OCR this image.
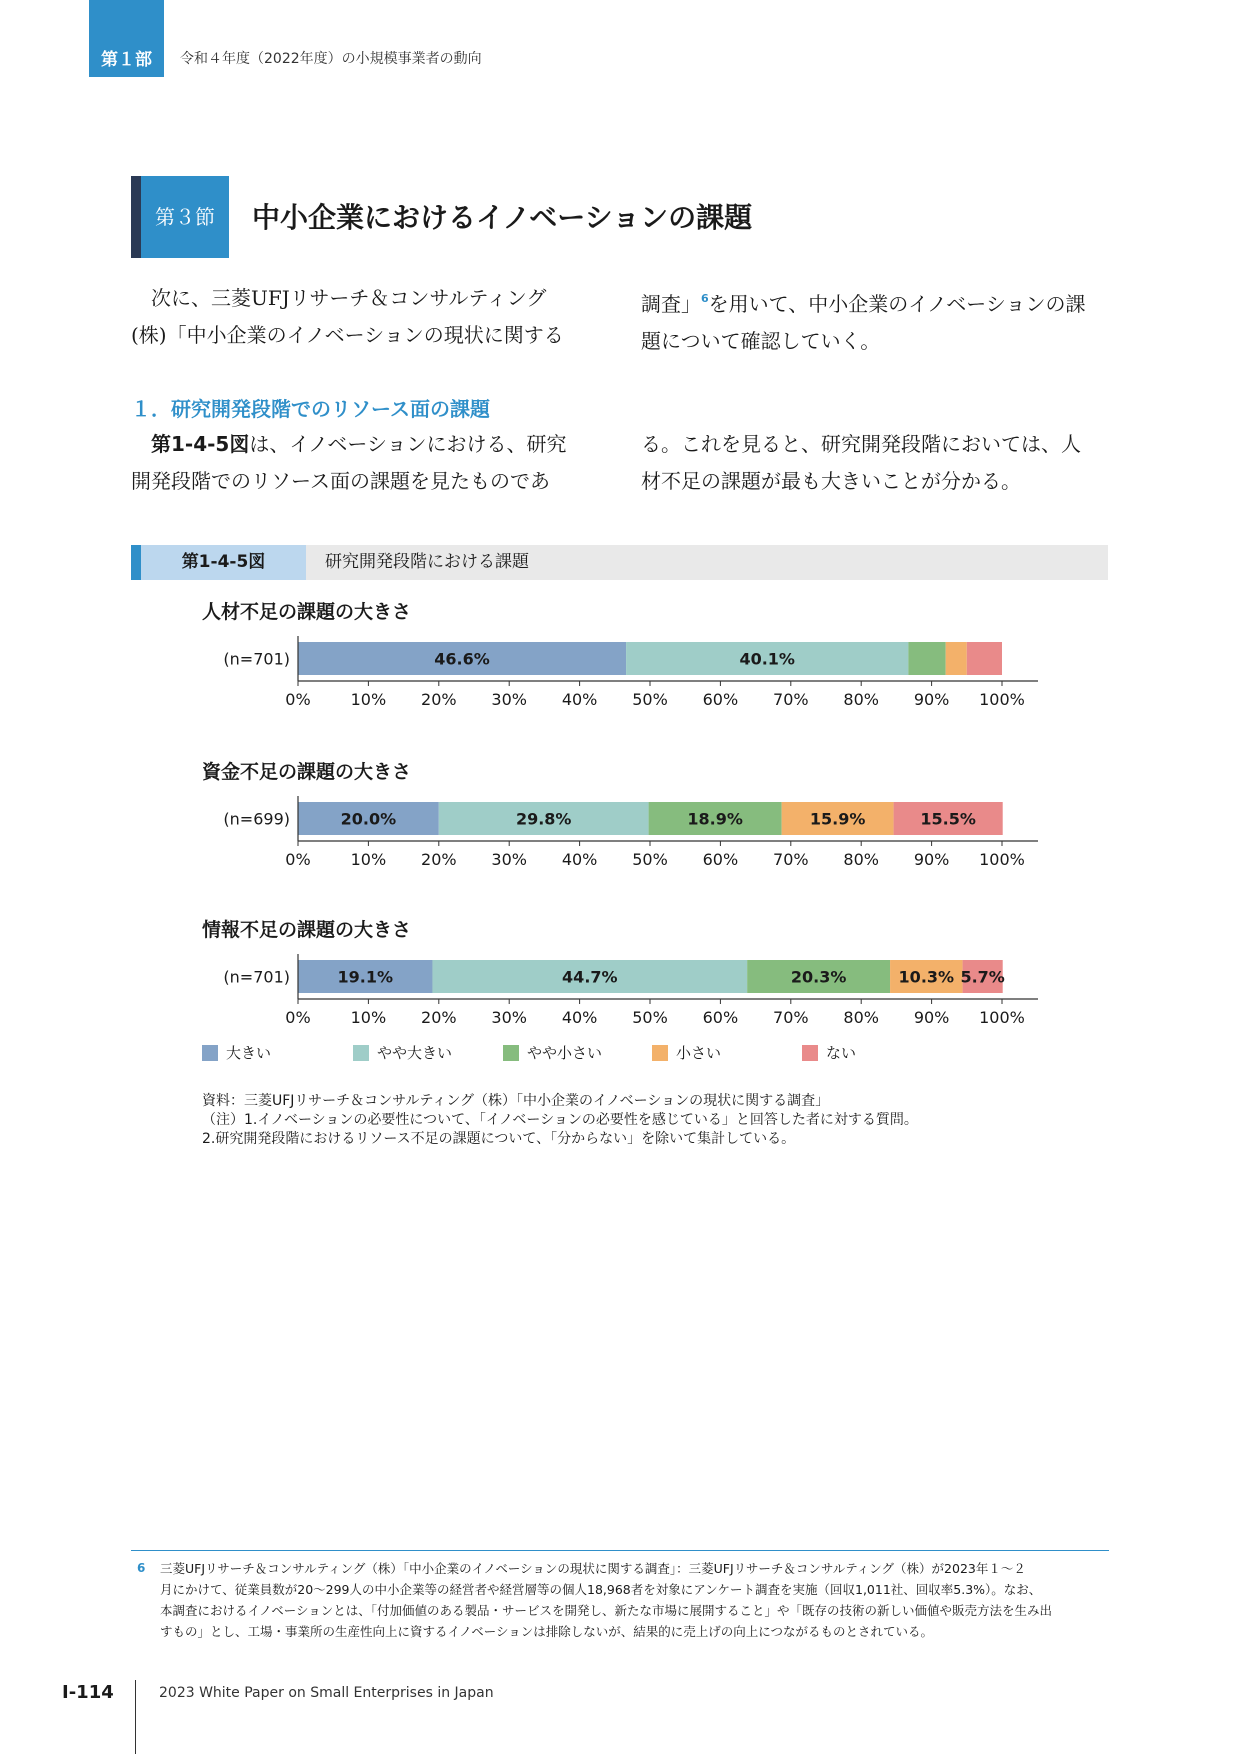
第１部	令和４年度（2022年度）の小規模事業者の動向
第３節	中小企業におけるイノベーションの課題
次に、三菱UFJリサーチ＆コンサルティング
(株)「中小企業のイノベーションの現状に関する
調査」$^6$を用いて、中小企業のイノベーションの課
題について確認していく。
１．研究開発段階でのリソース面の課題
第1-4-5図は、イノベーションにおける、研究
開発段階でのリソース面の課題を見たものであ
る。これを見ると、研究開発段階においては、人
材不足の課題が最も大きいことが分かる。
第1-4-5図	研究開発段階における課題
人材不足の課題の大きさ
(n=701)	46.6%	40.1%
0% 10% 20% 30% 40% 50% 60% 70% 80% 90% 100%
資金不足の課題の大きさ
(n=699)	20.0%	29.8%	18.9%	15.9%	15.5%
0% 10% 20% 30% 40% 50% 60% 70% 80% 90% 100%
情報不足の課題の大きさ
(n=701)	19.1%	44.7%	20.3%	10.3% 5.7%
0% 10% 20% 30% 40% 50% 60% 70% 80% 90% 100%
大きい	やや大きい	やや小さい	小さい	ない
資料：三菱UFJリサーチ＆コンサルティング（株）「中小企業のイノベーションの現状に関する調査」
（注）1.イノベーションの必要性について、「イノベーションの必要性を感じている」と回答した者に対する質問。
2.研究開発段階におけるリソース不足の課題について、「分からない」を除いて集計している。
6 三菱UFJリサーチ＆コンサルティング（株）「中小企業のイノベーションの現状に関する調査」：三菱UFJリサーチ＆コンサルティング（株）が2023年１～２
月にかけて、従業員数が20～299人の中小企業等の経営者や経営層等の個人18,968者を対象にアンケート調査を実施（回収1,011社、回収率5.3%）。なお、
本調査におけるイノベーションとは、「付加価値のある製品・サービスを開発し、新たな市場に展開すること」や「既存の技術の新しい価値や販売方法を生み出
すもの」とし、工場・事業所の生産性向上に資するイノベーションは排除しないが、結果的に売上げの向上につながるものとされている。
Ⅰ-114	2023 White Paper on Small Enterprises in Japan
